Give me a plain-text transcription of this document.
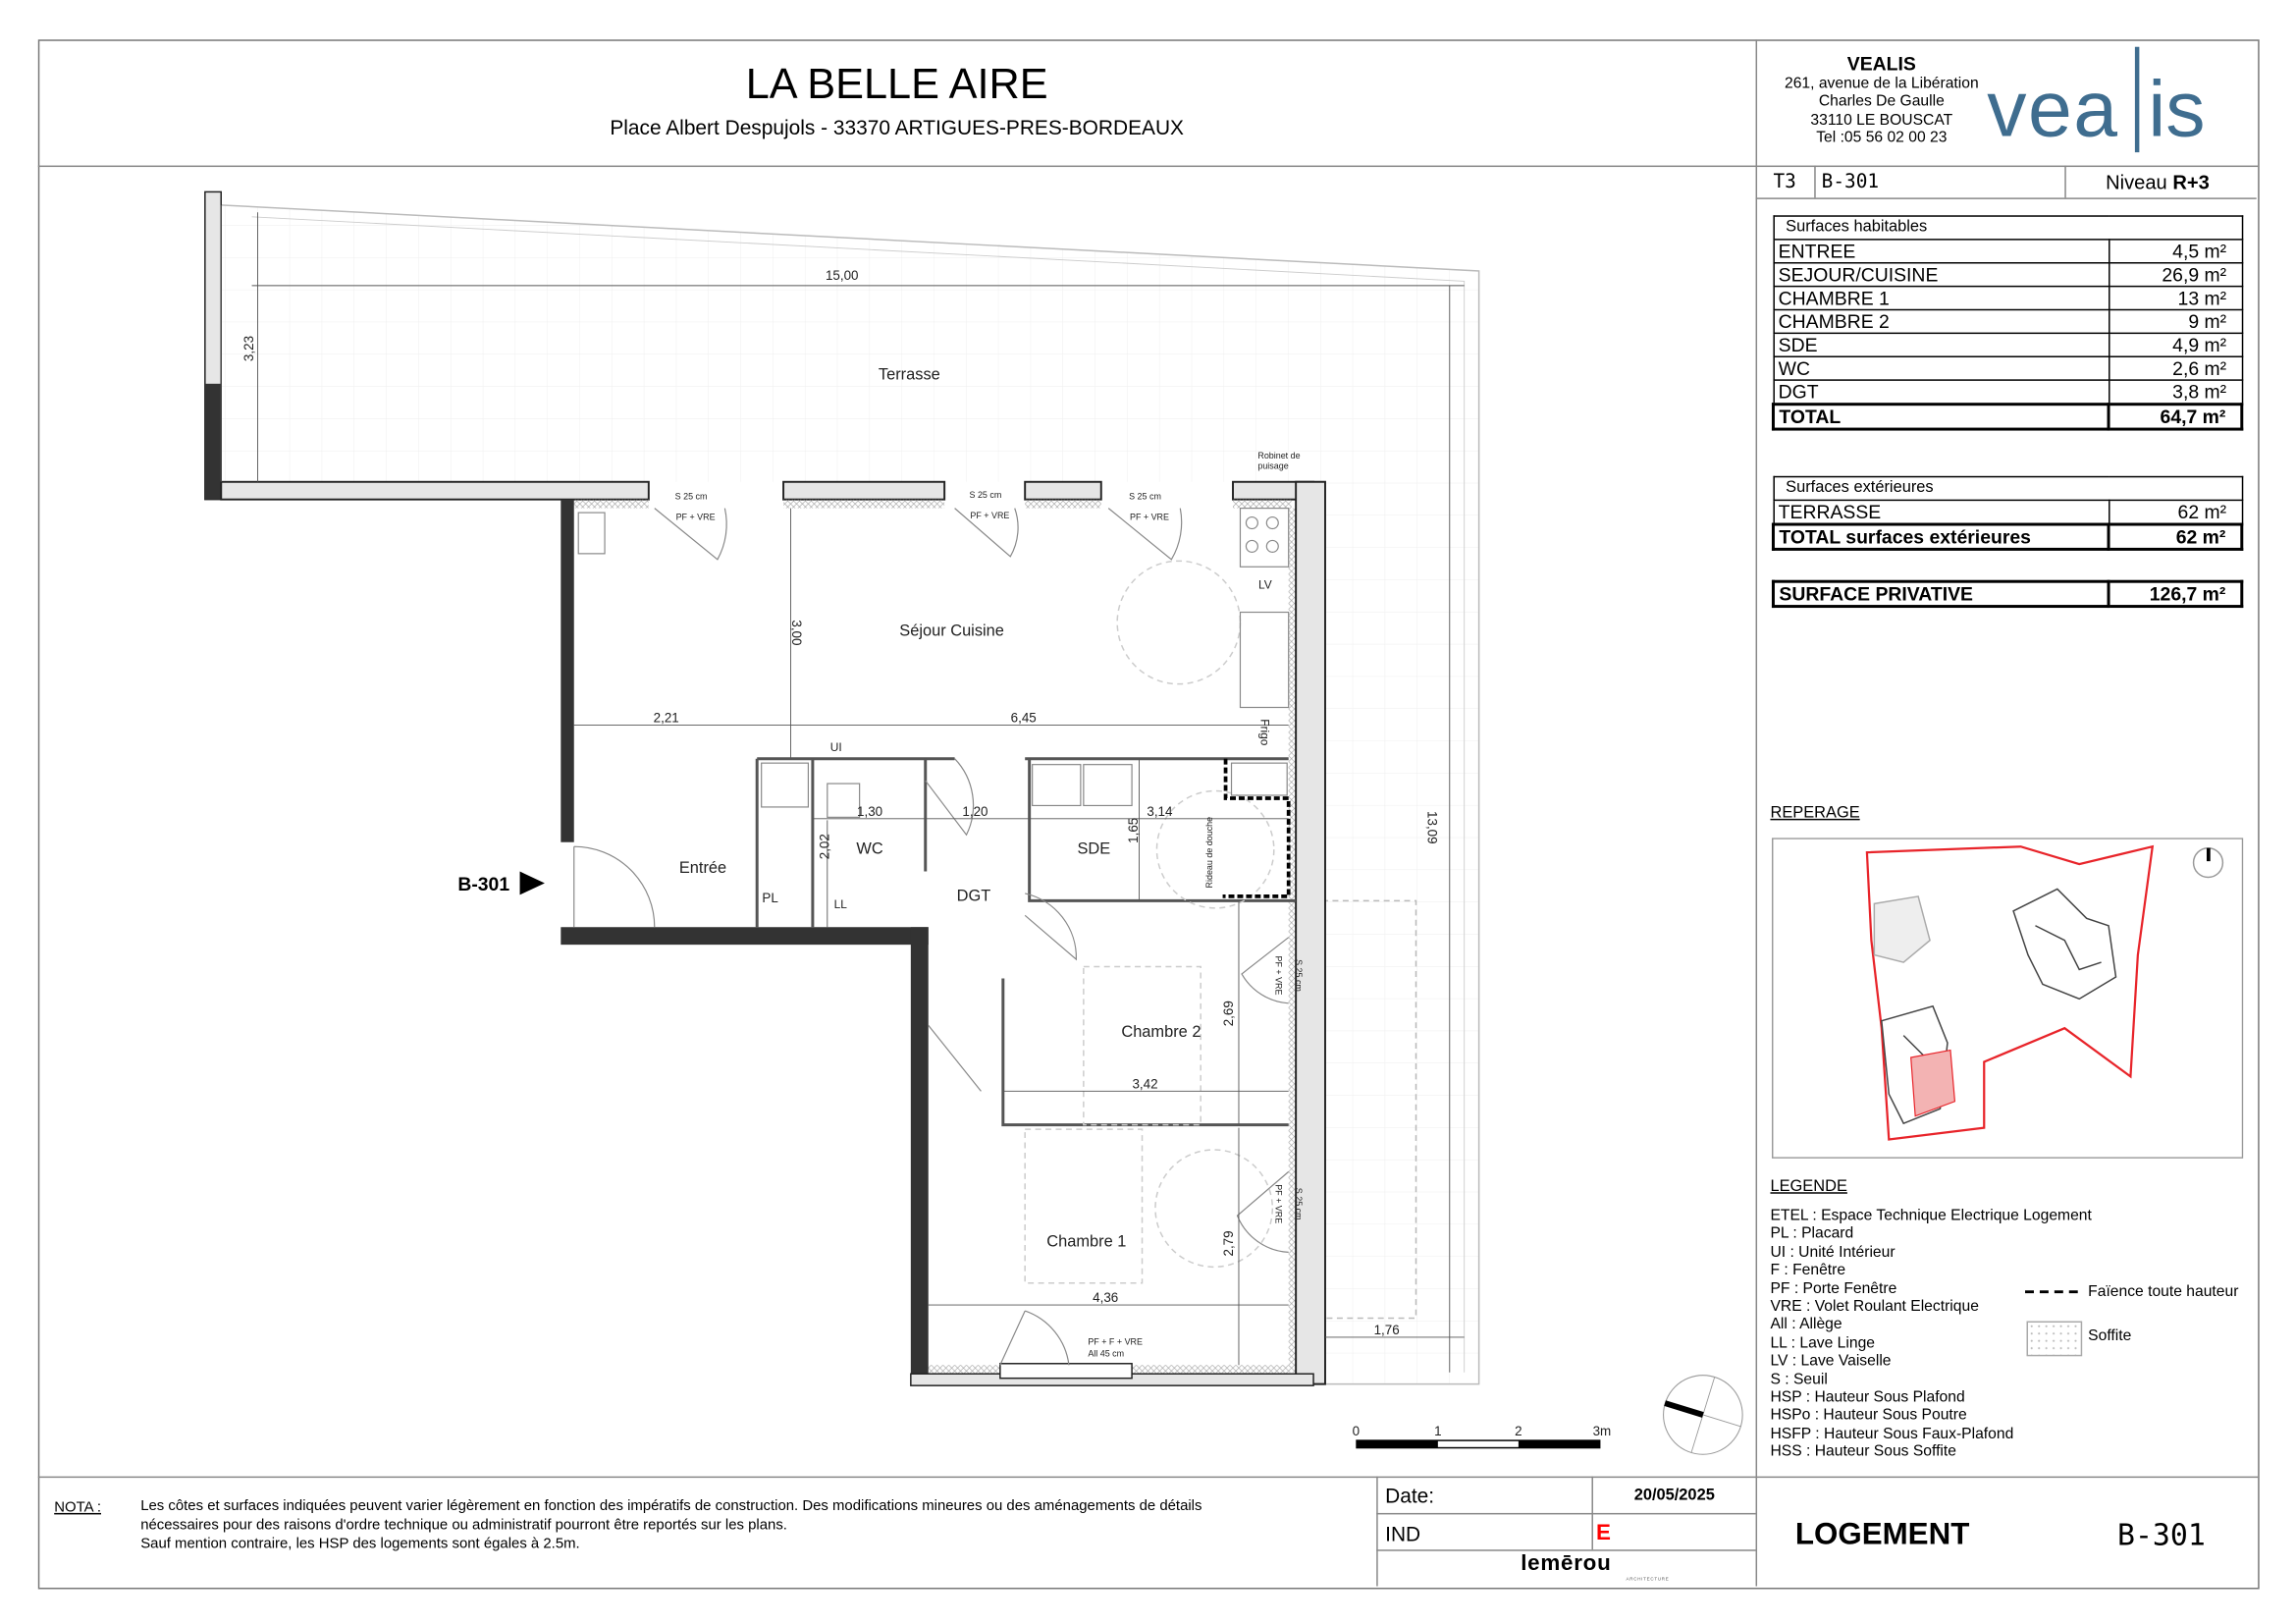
LA BELLE AIRE
Place Albert Despujols - 33370 ARTIGUES-PRES-BORDEAUX
VEALIS
261, avenue de la Libération
Charles De Gaulle
33110 LE BOUSCAT
Tel :05 56 02 00 23 vea is
T3 B-301	Niveau R+3
Surfaces habitables	
ENTREE	4,5 m²
SEJOUR/CUISINE	26,9 m²
CHAMBRE 1	13 m²
CHAMBRE 2	9 m²
SDE	4,9 m²
WC	2,6 m²
DGT	3,8 m²
TOTAL	64,7 m²
Surfaces extérieures	
TERRASSE	62 m²
TOTAL surfaces extérieures	62 m²
SURFACE PRIVATIVE	126,7 m²
REPERAGE
LEGENDE
ETEL : Espace Technique Electrique Logement
PL : Placard
UI : Unité Intérieur
F : Fenêtre
PF : Porte Fenêtre
VRE : Volet Roulant Electrique
All : Allège
LL : Lave Linge
LV : Lave Vaiselle
S : Seuil
HSP : Hauteur Sous Plafond
HSPo : Hauteur Sous Poutre
HSFP : Hauteur Sous Faux-Plafond
HSS : Hauteur Sous Soffite
Faïence toute hauteur
Soffite
Terrasse
Séjour Cuisine
Entrée
WC	SDE
DGT
Chambre 2
Chambre 1
PL	LL
LV
UI
Frigo
15,00
3,23
3,00
2,21	6,45
1,30	1,20	3,14
1,65
2,02
13,09
2,69
3,42
2,79
4,36
1,76
S 25 cm	S 25 cm	S 25 cm
PF + VRE	PF + VRE	PF + VRE
PF + VRE S 25 cm
PF + VRE S 25 cm
Robinet de
puisage
Rideau de douche
PF + F + VRE
All 45 cm
B-301
0	1	2	3m
NOTA :	Les côtes et surfaces indiquées peuvent varier légèrement en fonction des impératifs de construction. Des modifications mineures ou des aménagements de détails
nécessaires pour des raisons d'ordre technique ou administratif pourront être reportés sur les plans.
Sauf mention contraire, les HSP des logements sont égales à 2.5m.
Date:	20/05/2025
IND	E
lemērou
ARCHITECTURE
LOGEMENT	B-301
